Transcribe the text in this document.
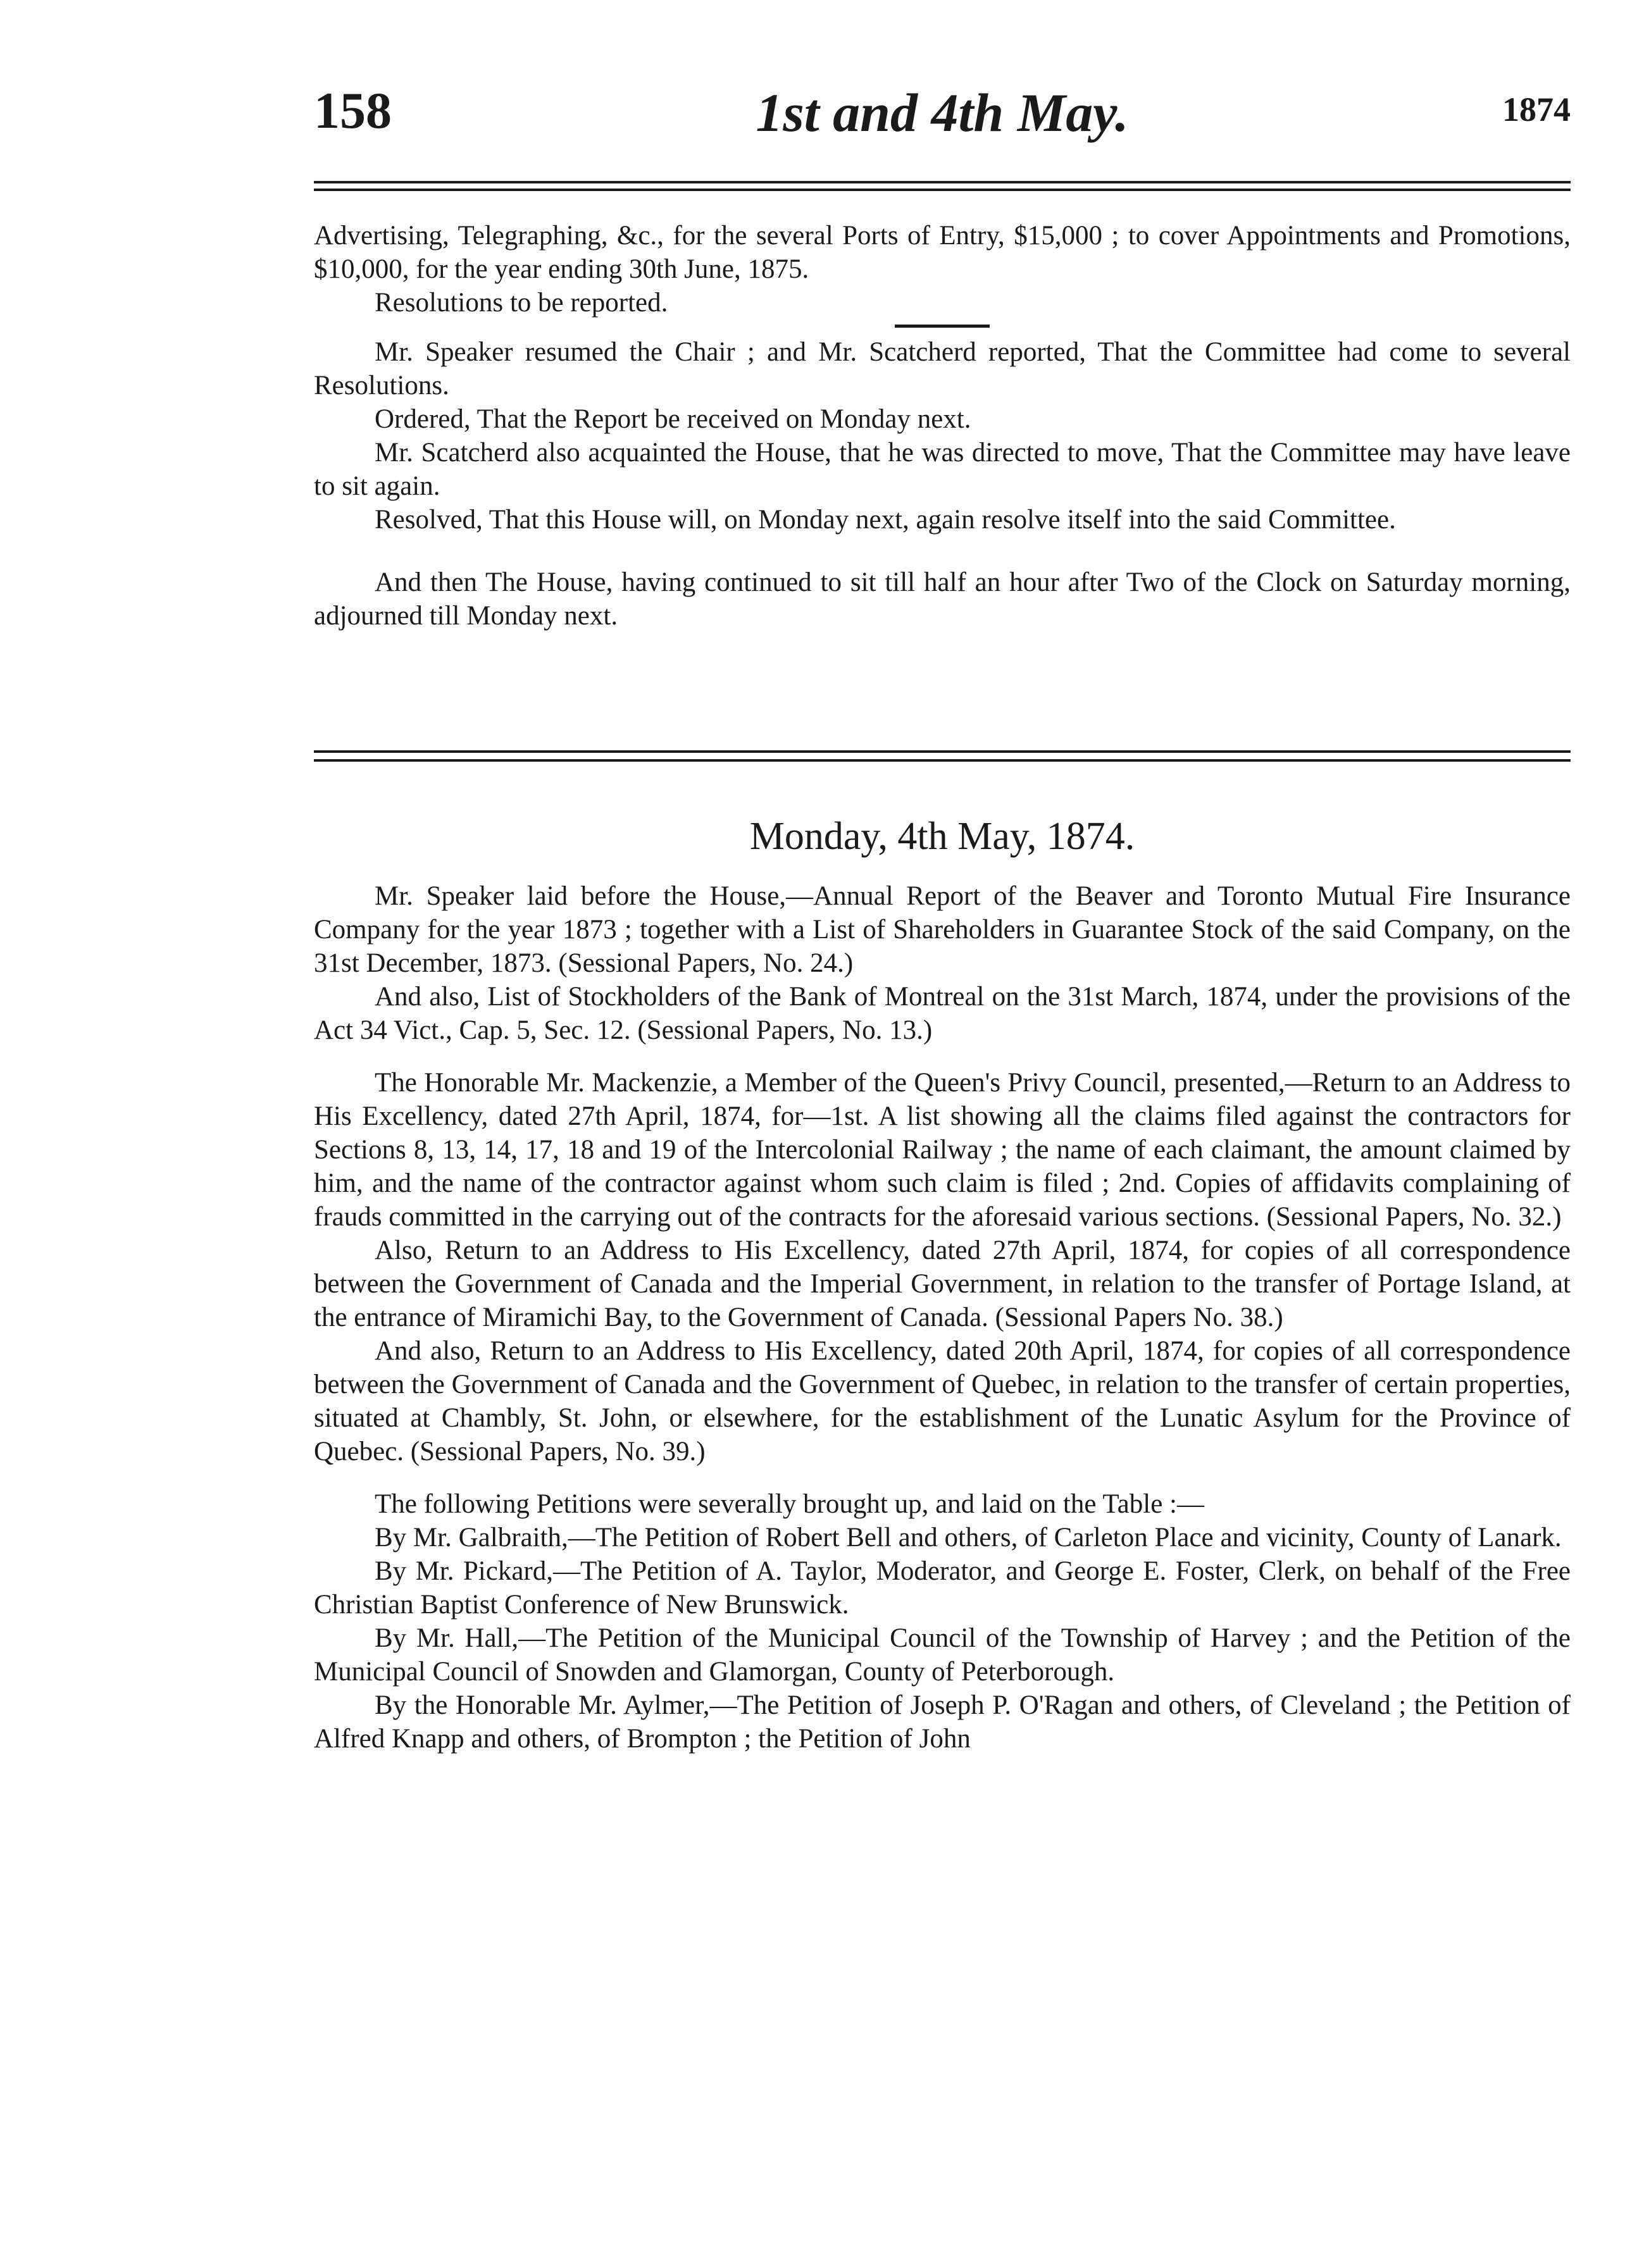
158	1st and 4th May.	1874

Advertising, Telegraphing, &c., for the several Ports of Entry, $15,000 ; to cover Appointments and Promotions, $10,000, for the year ending 30th June, 1875.

Resolutions to be reported.

Mr. Speaker resumed the Chair ; and Mr. Scatcherd reported, That the Committee had come to several Resolutions.

Ordered, That the Report be received on Monday next.

Mr. Scatcherd also acquainted the House, that he was directed to move, That the Committee may have leave to sit again.

Resolved, That this House will, on Monday next, again resolve itself into the said Committee.

And then The House, having continued to sit till half an hour after Two of the Clock on Saturday morning, adjourned till Monday next.

Monday, 4th May, 1874.

Mr. Speaker laid before the House,—Annual Report of the Beaver and Toronto Mutual Fire Insurance Company for the year 1873 ; together with a List of Shareholders in Guarantee Stock of the said Company, on the 31st December, 1873. (Sessional Papers, No. 24.)

And also, List of Stockholders of the Bank of Montreal on the 31st March, 1874, under the provisions of the Act 34 Vict., Cap. 5, Sec. 12. (Sessional Papers, No. 13.)

The Honorable Mr. Mackenzie, a Member of the Queen's Privy Council, presented,—Return to an Address to His Excellency, dated 27th April, 1874, for—1st. A list showing all the claims filed against the contractors for Sections 8, 13, 14, 17, 18 and 19 of the Intercolonial Railway ; the name of each claimant, the amount claimed by him, and the name of the contractor against whom such claim is filed ; 2nd. Copies of affidavits complaining of frauds committed in the carrying out of the contracts for the aforesaid various sections. (Sessional Papers, No. 32.)

Also, Return to an Address to His Excellency, dated 27th April, 1874, for copies of all correspondence between the Government of Canada and the Imperial Government, in relation to the transfer of Portage Island, at the entrance of Miramichi Bay, to the Government of Canada. (Sessional Papers No. 38.)

And also, Return to an Address to His Excellency, dated 20th April, 1874, for copies of all correspondence between the Government of Canada and the Government of Quebec, in relation to the transfer of certain properties, situated at Chambly, St. John, or elsewhere, for the establishment of the Lunatic Asylum for the Province of Quebec. (Sessional Papers, No. 39.)

The following Petitions were severally brought up, and laid on the Table :—

By Mr. Galbraith,—The Petition of Robert Bell and others, of Carleton Place and vicinity, County of Lanark.

By Mr. Pickard,—The Petition of A. Taylor, Moderator, and George E. Foster, Clerk, on behalf of the Free Christian Baptist Conference of New Brunswick.

By Mr. Hall,—The Petition of the Municipal Council of the Township of Harvey ; and the Petition of the Municipal Council of Snowden and Glamorgan, County of Peterborough.

By the Honorable Mr. Aylmer,—The Petition of Joseph P. O'Ragan and others, of Cleveland ; the Petition of Alfred Knapp and others, of Brompton ; the Petition of John
